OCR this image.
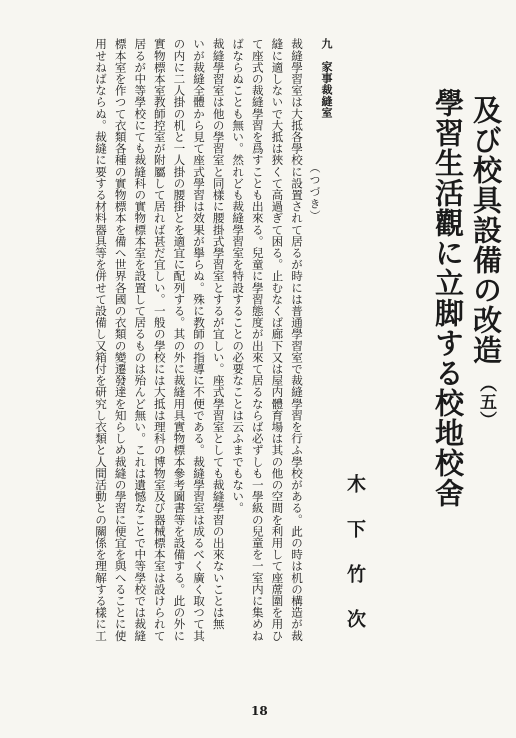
學習生活觀に立脚する校地校舍 及び校具設備の改造（五）
木下竹次
九　家事裁縫室
（つづき）

裁縫學習室は大抵各學校に設置されて居るが時には普通學習室で裁縫學習を行ふ學校がある。此の時は机の構造が裁

縫に適しないで大抵は狹くて高過ぎて困る。止むなくば廊下又は屋内體育場は其の他の空間を利用して座蓆圍を用ひ

て座式の裁縫學習を爲すことも出來る。兒童に學習態度が出來て居るならば必ずしも一學級の兒童を一室内に集めね

ばならぬことも無い。然れども裁縫學習室を特設することの必要なことは云ふまでもない。

裁縫學習室は他の學習室と同樣に腰掛式學習室とするが宜しい。座式學習室としても裁縫學習の出來ないことは無

いが裁縫全體から見て座式學習は效果が擧らぬ。殊に教師の指導に不便である。裁縫學習室は成るべく廣く取つて其

の内に二人掛の机と一人掛の腰掛とを適宜に配列する。其の外に裁縫用具實物標本參考圖書等を設備する。此の外に

實物標本室教師控室が附屬して居れば甚だ宜しい。一般の學校には大抵は理科の博物室及び器械標本室は設けられて

居るが中等學校にても裁縫科の實物標本室を設置して居るものは殆んど無い。これは遺憾なことで中等學校では裁縫

標本室を作つて衣類各種の實物標本を備へ世界各國の衣類の變遷發達を知らしめ裁縫の學習に便宜を與へることに使

用せねばならぬ。裁縫に要する材料器具等を併せて設備し又箱付を研究し衣類と人間活動との關係を理解する樣に工

18
